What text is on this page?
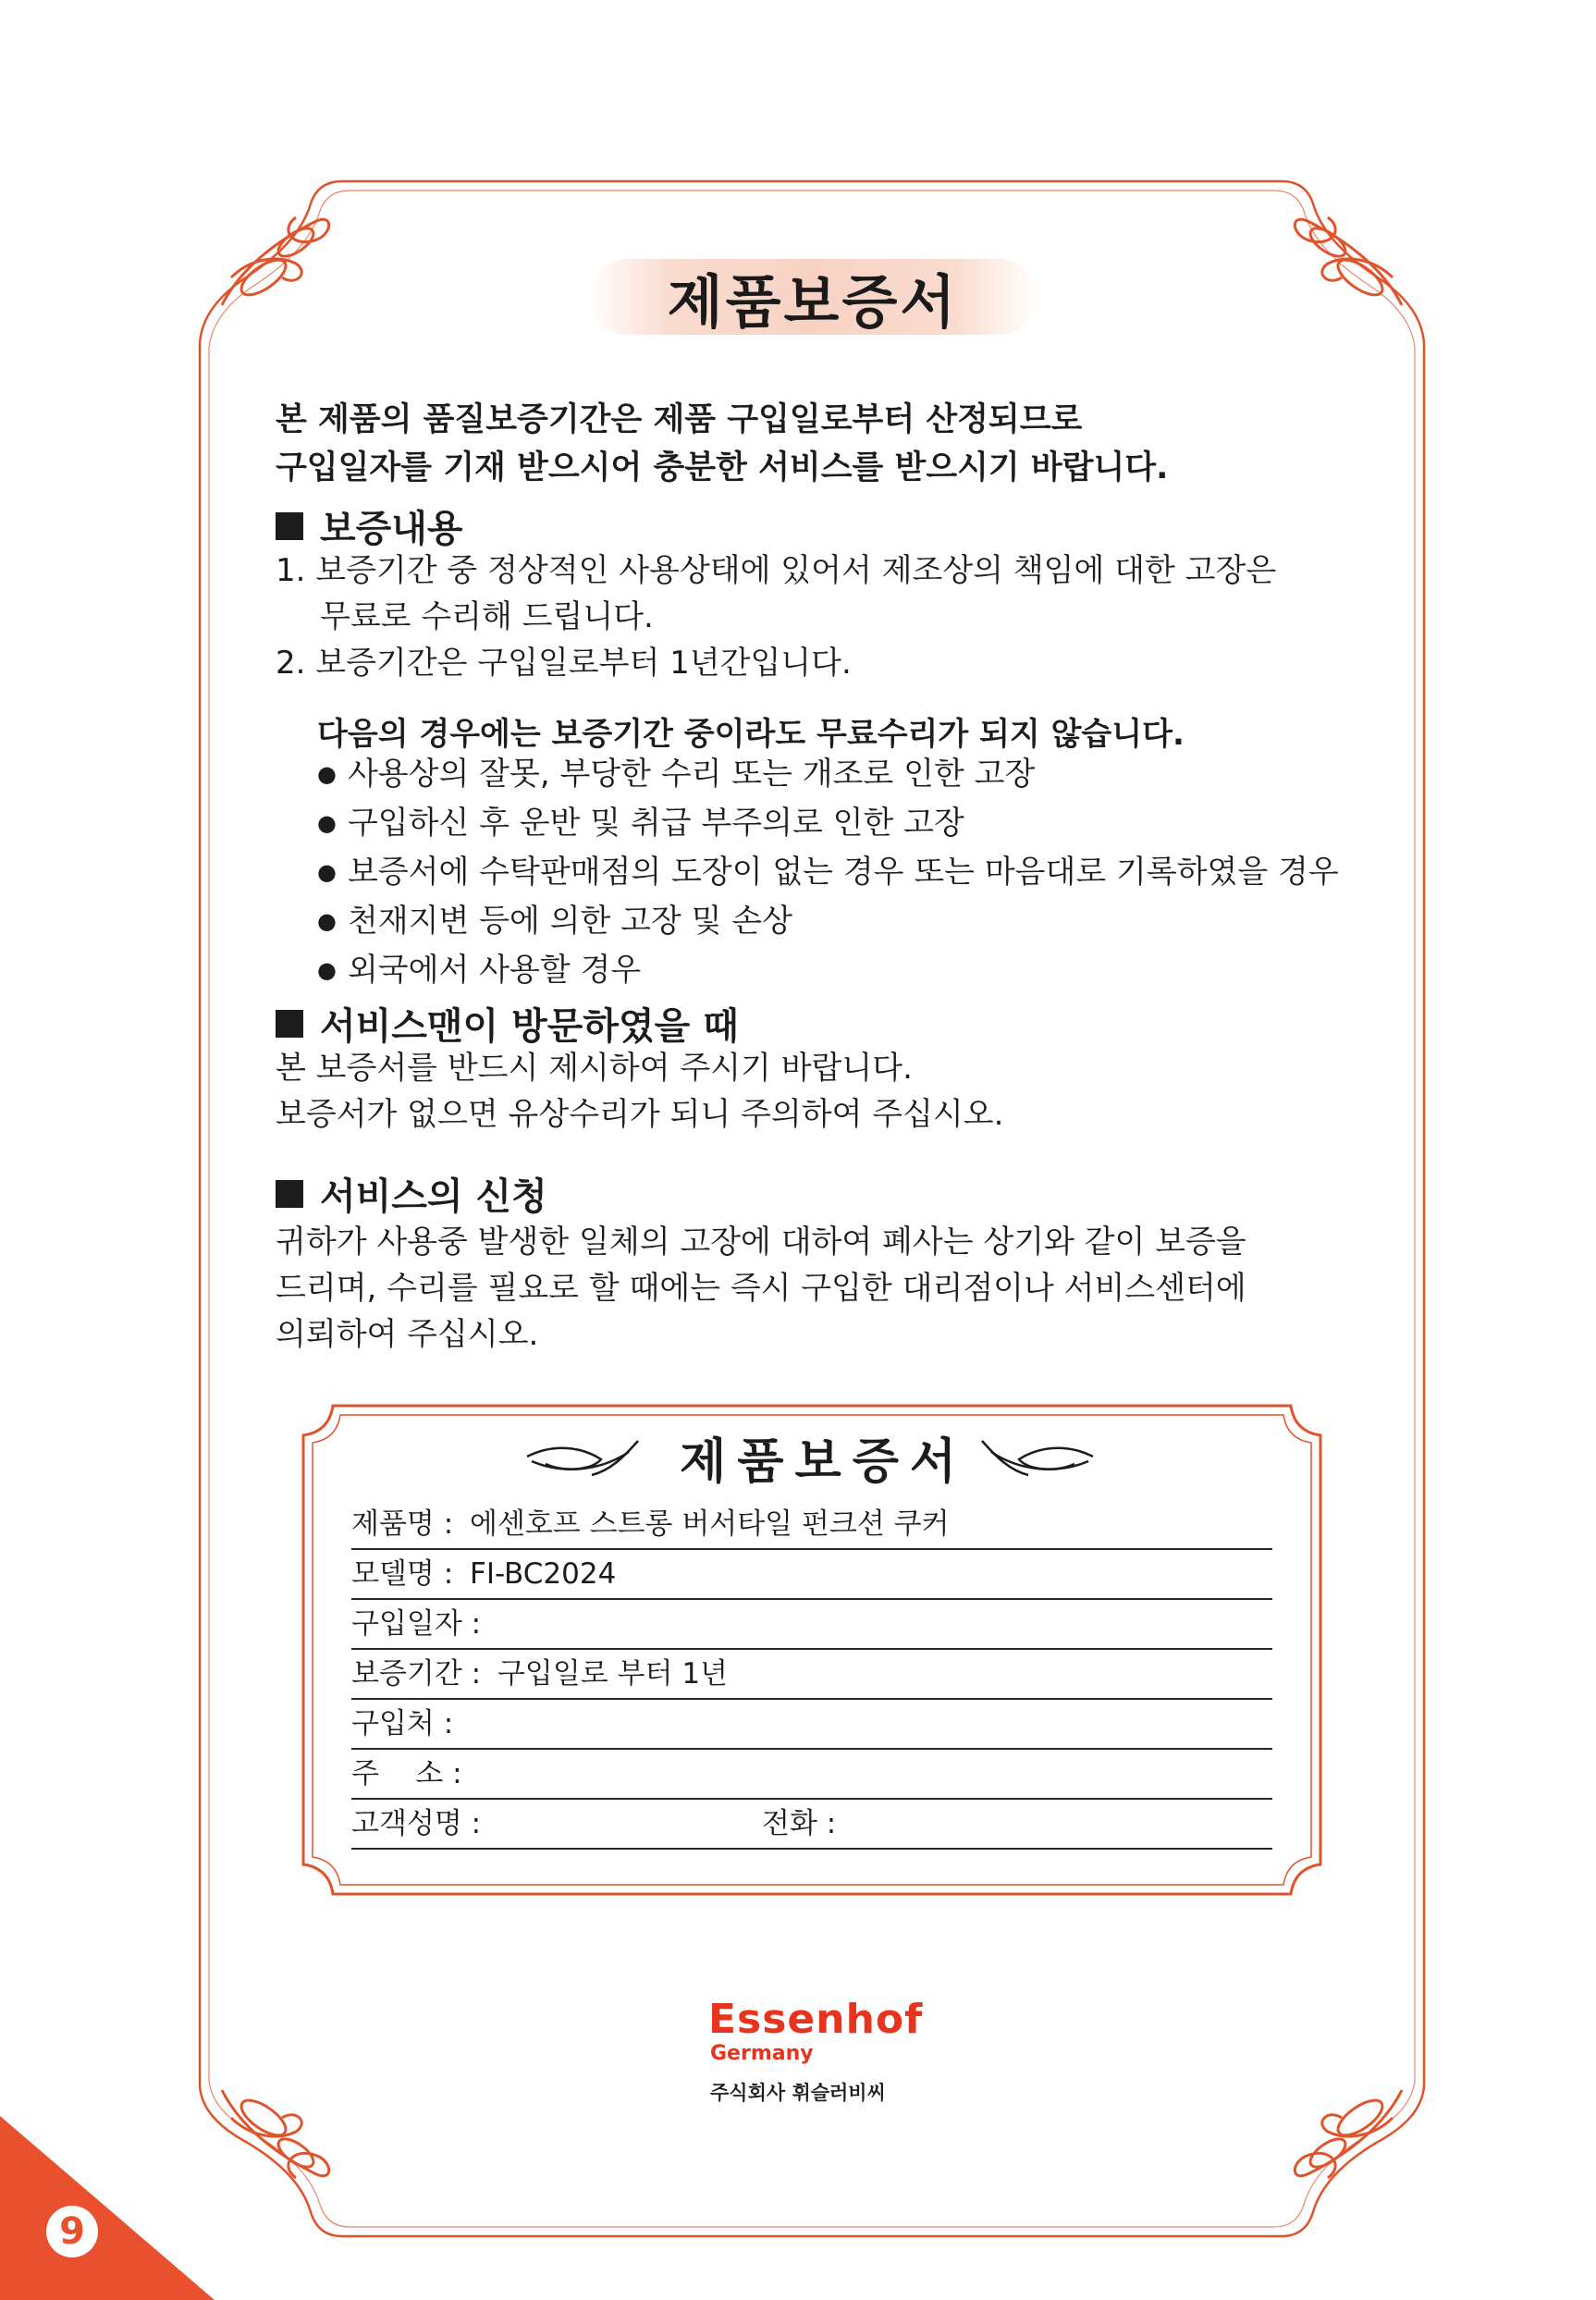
제품보증서
본 제품의 품질보증기간은 제품 구입일로부터 산정되므로
구입일자를 기재 받으시어 충분한 서비스를 받으시기 바랍니다.
보증내용
1. 보증기간 중 정상적인 사용상태에 있어서 제조상의 책임에 대한 고장은
무료로 수리해 드립니다.
2. 보증기간은 구입일로부터 1년간입니다.
다음의 경우에는 보증기간 중이라도 무료수리가 되지 않습니다.
● 사용상의 잘못, 부당한 수리 또는 개조로 인한 고장
● 구입하신 후 운반 및 취급 부주의로 인한 고장
● 보증서에 수탁판매점의 도장이 없는 경우 또는 마음대로 기록하였을 경우
● 천재지변 등에 의한 고장 및 손상
● 외국에서 사용할 경우
서비스맨이 방문하였을 때
본 보증서를 반드시 제시하여 주시기 바랍니다.
보증서가 없으면 유상수리가 되니 주의하여 주십시오.
서비스의 신청
귀하가 사용중 발생한 일체의 고장에 대하여 폐사는 상기와 같이 보증을
드리며, 수리를 필요로 할 때에는 즉시 구입한 대리점이나 서비스센터에
의뢰하여 주십시오.
제품보증서
제품명 : 에센호프 스트롱 버서타일 펀크션 쿠커
모델명 : FI-BC2024
구입일자 :
보증기간 : 구입일로 부터 1년
구입처 :
주    소 :
고객성명 :	전화 :
Essenhof
Germany
주식회사 휘슬러비씨
9
